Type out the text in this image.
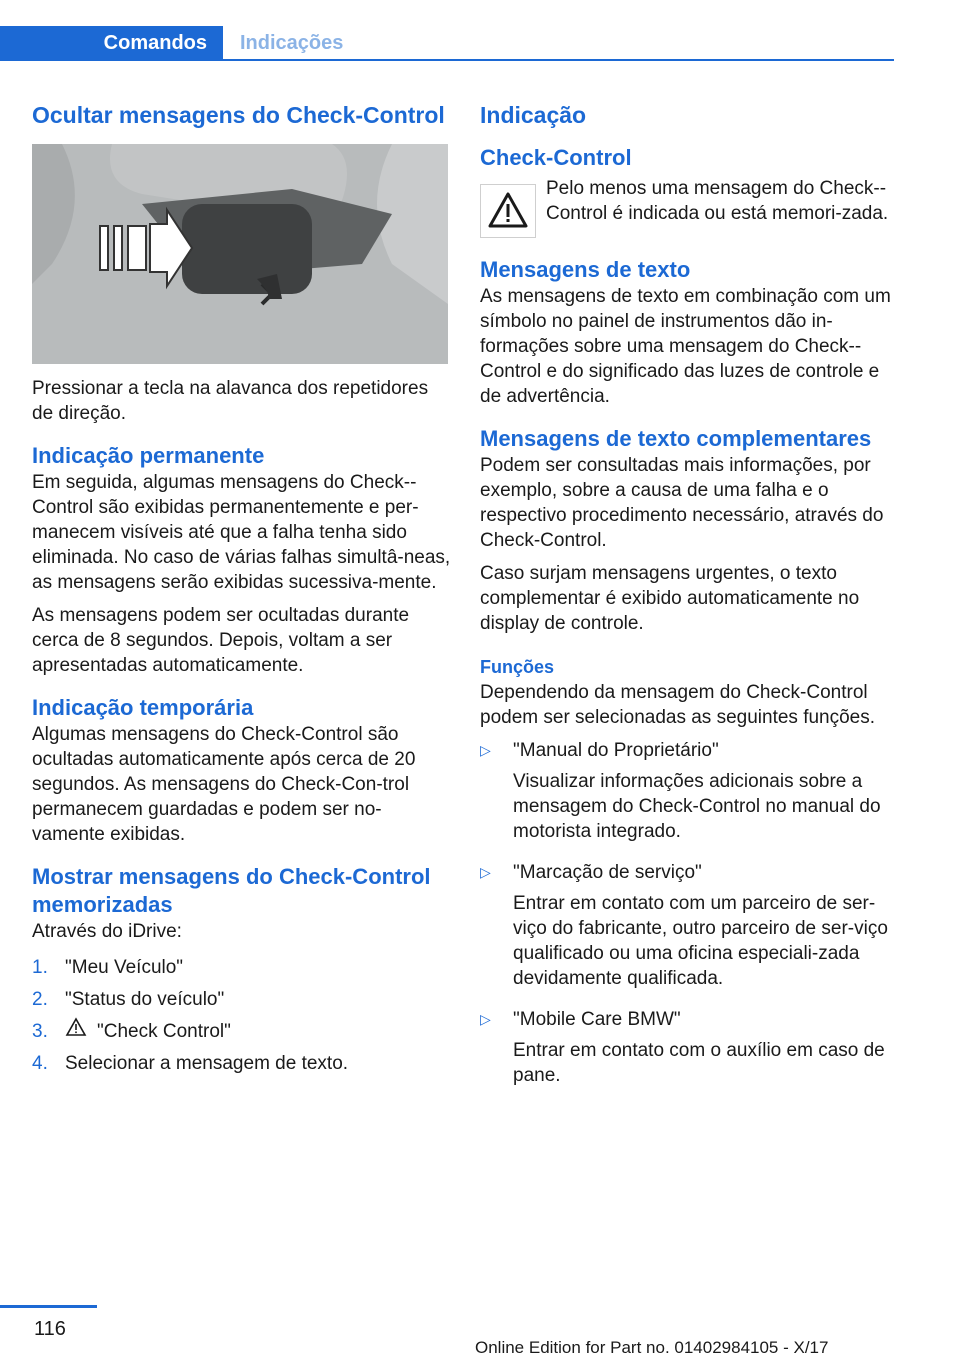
Comandos	Indicações
Ocultar mensagens do Check-Control

Pressionar a tecla na alavanca dos repetidores de direção.

Indicação permanente

Em seguida, algumas mensagens do Check--Control são exibidas permanentemente e per-manecem visíveis até que a falha tenha sido eliminada. No caso de várias falhas simultâ-neas, as mensagens serão exibidas sucessiva-mente.

As mensagens podem ser ocultadas durante cerca de 8 segundos. Depois, voltam a ser apresentadas automaticamente.

Indicação temporária

Algumas mensagens do Check-Control são ocultadas automaticamente após cerca de 20 segundos. As mensagens do Check-Con-trol permanecem guardadas e podem ser no-vamente exibidas.

Mostrar mensagens do Check-Control memorizadas

Através do iDrive:

1. "Meu Veículo"
2. "Status do veículo"
3.	"Check Control"
4. Selecionar a mensagem de texto.
Indicação
Check-Control

Pelo menos uma mensagem do Check--Control é indicada ou está memori-zada.

Mensagens de texto

As mensagens de texto em combinação com um símbolo no painel de instrumentos dão in-formações sobre uma mensagem do Check--Control e do significado das luzes de controle e de advertência.

Mensagens de texto complementares

Podem ser consultadas mais informações, por exemplo, sobre a causa de uma falha e o respectivo procedimento necessário, através do Check-Control.

Caso surjam mensagens urgentes, o texto complementar é exibido automaticamente no display de controle.

Funções

Dependendo da mensagem do Check-Control podem ser selecionadas as seguintes funções.

▷	"Manual do Proprietário"

Visualizar informações adicionais sobre a mensagem do Check-Control no manual do motorista integrado.

▷	"Marcação de serviço"

Entrar em contato com um parceiro de ser-viço do fabricante, outro parceiro de ser-viço qualificado ou uma oficina especiali-zada devidamente qualificada.

▷	"Mobile Care BMW"

Entrar em contato com o auxílio em caso de pane.

116
Online Edition for Part no. 01402984105 - X/17
